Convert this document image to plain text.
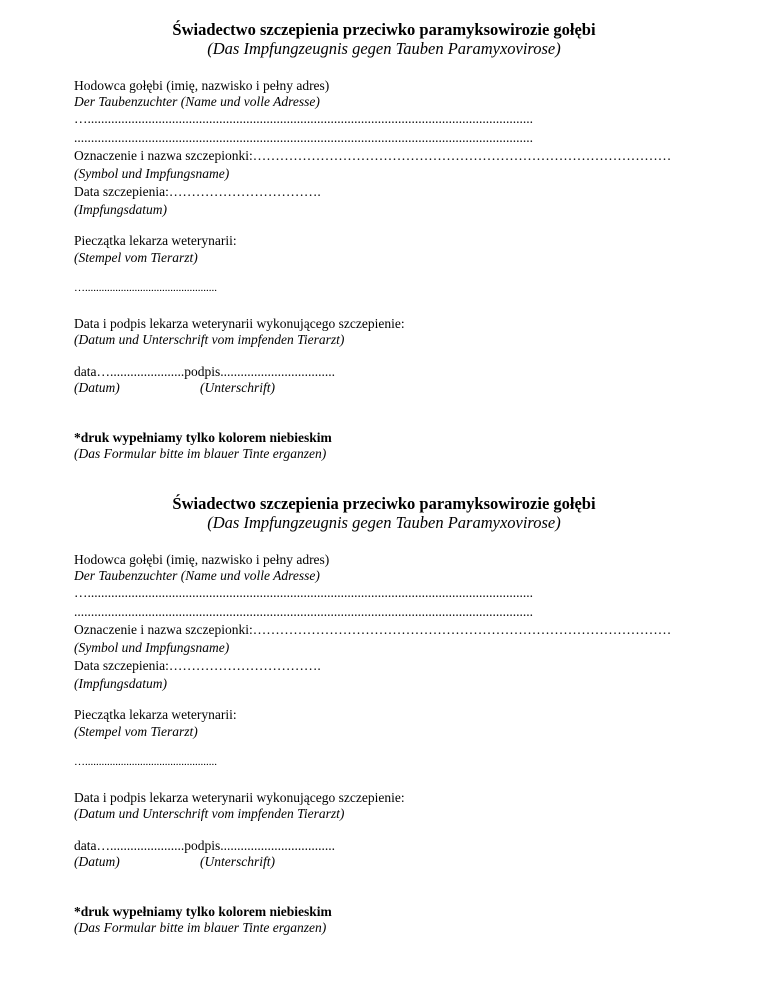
Świadectwo szczepienia przeciwko paramyksowirozie gołębi
(Das Impfungzeugnis gegen Tauben Paramyxovirose)
Hodowca gołębi (imię, nazwisko i pełny adres)
Der Taubenzuchter (Name und volle Adresse)
…....................................................................................................................................
........................................................................................................................................
Oznaczenie i nazwa szczepionki:…………………………………………………………………………………
(Symbol und Impfungsname)
Data szczepienia:…………………………….
(Impfungsdatum)
Pieczątka lekarza weterynarii:
(Stempel vom Tierarzt)
…................................................
Data i podpis lekarza weterynarii wykonującego szczepienie:
(Datum und Unterschrift vom impfenden Tierarzt)
data…......................podpis..................................
(Datum)	(Unterschrift)
*druk wypełniamy tylko kolorem niebieskim
(Das Formular bitte im blauer Tinte erganzen)
Świadectwo szczepienia przeciwko paramyksowirozie gołębi
(Das Impfungzeugnis gegen Tauben Paramyxovirose)
Hodowca gołębi (imię, nazwisko i pełny adres)
Der Taubenzuchter (Name und volle Adresse)
…....................................................................................................................................
........................................................................................................................................
Oznaczenie i nazwa szczepionki:…………………………………………………………………………………
(Symbol und Impfungsname)
Data szczepienia:…………………………….
(Impfungsdatum)
Pieczątka lekarza weterynarii:
(Stempel vom Tierarzt)
…................................................
Data i podpis lekarza weterynarii wykonującego szczepienie:
(Datum und Unterschrift vom impfenden Tierarzt)
data…......................podpis..................................
(Datum)	(Unterschrift)
*druk wypełniamy tylko kolorem niebieskim
(Das Formular bitte im blauer Tinte erganzen)
